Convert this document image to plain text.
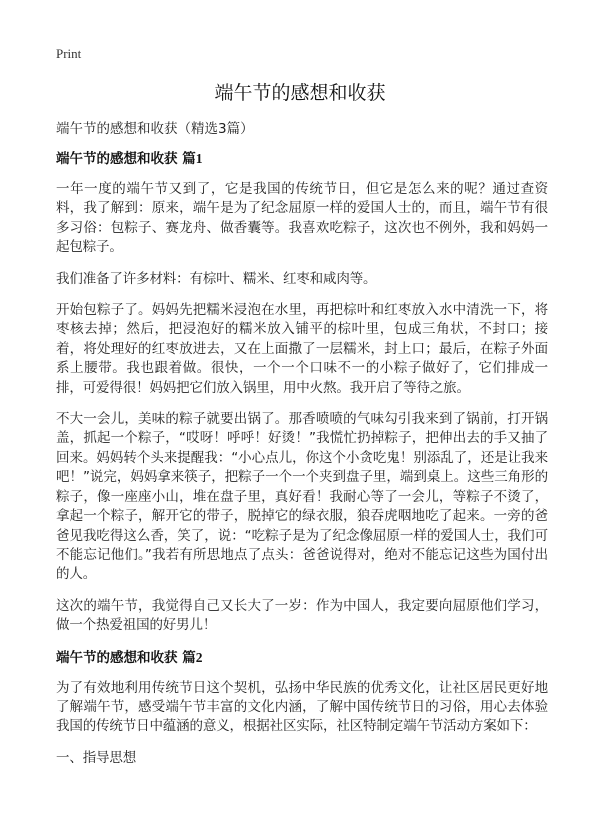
Print
端午节的感想和收获
端午节的感想和收获（精选3篇）
端午节的感想和收获 篇1

一年一度的端午节又到了，它是我国的传统节日，但它是怎么来的呢？通过查资料，我了解到：原来，端午是为了纪念屈原一样的爱国人士的，而且，端午节有很多习俗：包粽子、赛龙舟、做香囊等。我喜欢吃粽子，这次也不例外，我和妈妈一起包粽子。

我们准备了许多材料：有棕叶、糯米、红枣和咸肉等。

开始包粽子了。妈妈先把糯米浸泡在水里，再把棕叶和红枣放入水中清洗一下，将枣核去掉；然后，把浸泡好的糯米放入铺平的棕叶里，包成三角状，不封口；接着，将处理好的红枣放进去，又在上面撒了一层糯米，封上口；最后，在粽子外面系上腰带。我也跟着做。很快，一个一个口味不一的小粽子做好了，它们排成一排，可爱得很！妈妈把它们放入锅里，用中火熬。我开启了等待之旅。

不大一会儿，美味的粽子就要出锅了。那香喷喷的气味勾引我来到了锅前，打开锅盖，抓起一个粽子，“哎呀！呼呼！好烫！”我慌忙扔掉粽子，把伸出去的手又抽了回来。妈妈转个头来提醒我：“小心点儿，你这个小贪吃鬼！别添乱了，还是让我来吧！”说完，妈妈拿来筷子，把粽子一个一个夹到盘子里，端到桌上。这些三角形的粽子，像一座座小山，堆在盘子里，真好看！我耐心等了一会儿，等粽子不烫了，拿起一个粽子，解开它的带子，脱掉它的绿衣服，狼吞虎咽地吃了起来。一旁的爸爸见我吃得这么香，笑了，说：“吃粽子是为了纪念像屈原一样的爱国人士，我们可不能忘记他们。”我若有所思地点了点头：爸爸说得对，绝对不能忘记这些为国付出的人。

这次的端午节，我觉得自己又长大了一岁：作为中国人，我定要向屈原他们学习，做一个热爱祖国的好男儿！

端午节的感想和收获 篇2

为了有效地利用传统节日这个契机，弘扬中华民族的优秀文化，让社区居民更好地了解端午节，感受端午节丰富的文化内涵，了解中国传统节日的习俗，用心去体验我国的传统节日中蕴涵的意义，根据社区实际，社区特制定端午节活动方案如下：

一、指导思想
